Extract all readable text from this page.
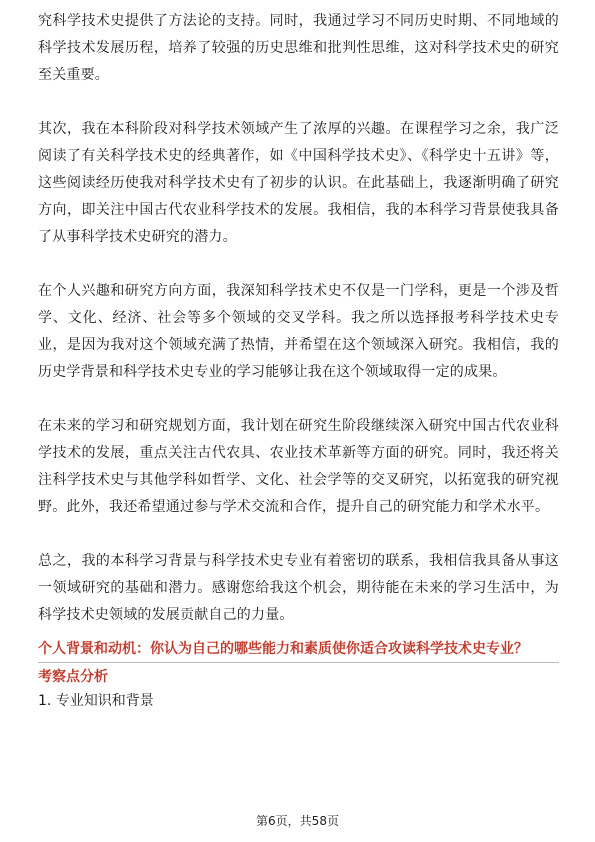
究科学技术史提供了方法论的支持。同时，我通过学习不同历史时期、不同地域的科学技术发展历程，培养了较强的历史思维和批判性思维，这对科学技术史的研究至关重要。

其次，我在本科阶段对科学技术领域产生了浓厚的兴趣。在课程学习之余，我广泛阅读了有关科学技术史的经典著作，如《中国科学技术史》、《科学史十五讲》等，这些阅读经历使我对科学技术史有了初步的认识。在此基础上，我逐渐明确了研究方向，即关注中国古代农业科学技术的发展。我相信，我的本科学习背景使我具备了从事科学技术史研究的潜力。

在个人兴趣和研究方向方面，我深知科学技术史不仅是一门学科，更是一个涉及哲学、文化、经济、社会等多个领域的交叉学科。我之所以选择报考科学技术史专业，是因为我对这个领域充满了热情，并希望在这个领域深入研究。我相信，我的历史学背景和科学技术史专业的学习能够让我在这个领域取得一定的成果。

在未来的学习和研究规划方面，我计划在研究生阶段继续深入研究中国古代农业科学技术的发展，重点关注古代农具、农业技术革新等方面的研究。同时，我还将关注科学技术史与其他学科如哲学、文化、社会学等的交叉研究，以拓宽我的研究视野。此外，我还希望通过参与学术交流和合作，提升自己的研究能力和学术水平。

总之，我的本科学习背景与科学技术史专业有着密切的联系，我相信我具备从事这一领域研究的基础和潜力。感谢您给我这个机会，期待能在未来的学习生活中，为科学技术史领域的发展贡献自己的力量。

个人背景和动机：你认为自己的哪些能力和素质使你适合攻读科学技术史专业？

考察点分析

1. 专业知识和背景

第6页，共58页
